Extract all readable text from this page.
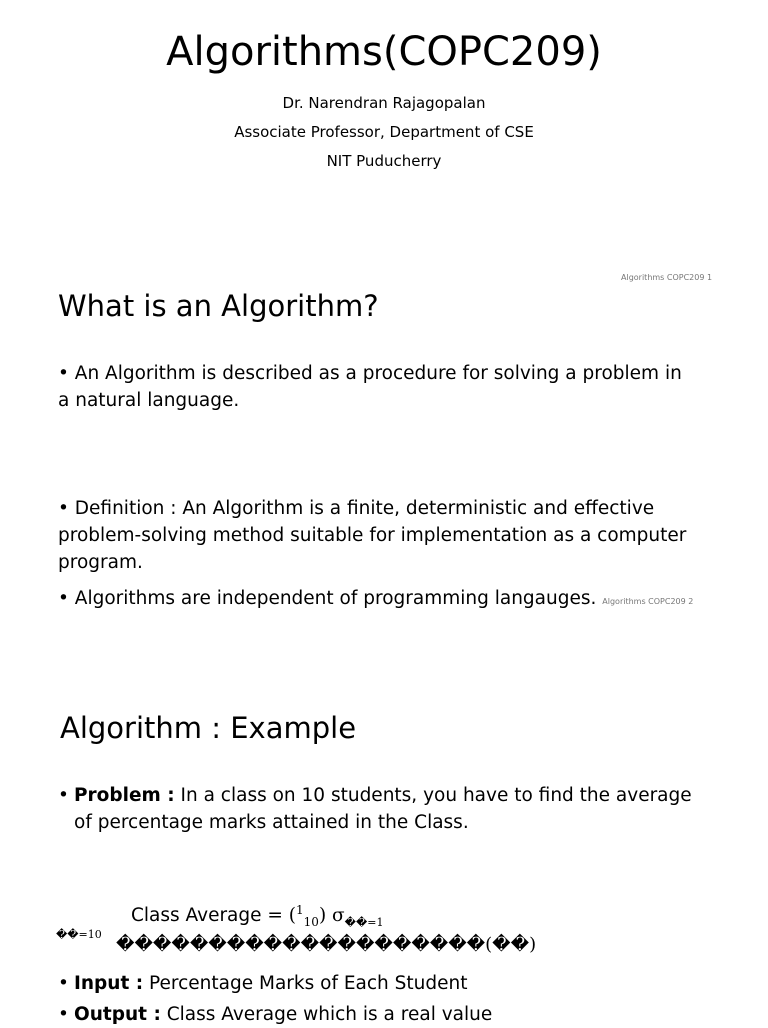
Algorithms(COPC209)
Dr. Narendran Rajagopalan
Associate Professor, Department of CSE
NIT Puducherry
Algorithms COPC209 1
What is an Algorithm?
• An Algorithm is described as a procedure for solving a problem in a natural language.
• Definition : An Algorithm is a finite, deterministic and effective problem-solving method suitable for implementation as a computer program.
• Algorithms are independent of programming langauges. Algorithms COPC209 2
Algorithm : Example
• Problem : In a class on 10 students, you have to find the average of percentage marks attained in the Class.
Class Average = ($^1_{10}$) $\sigma_{��=1}$
��=10 ��������������������(��)
• Input : Percentage Marks of Each Student
• Output : Class Average which is a real value
